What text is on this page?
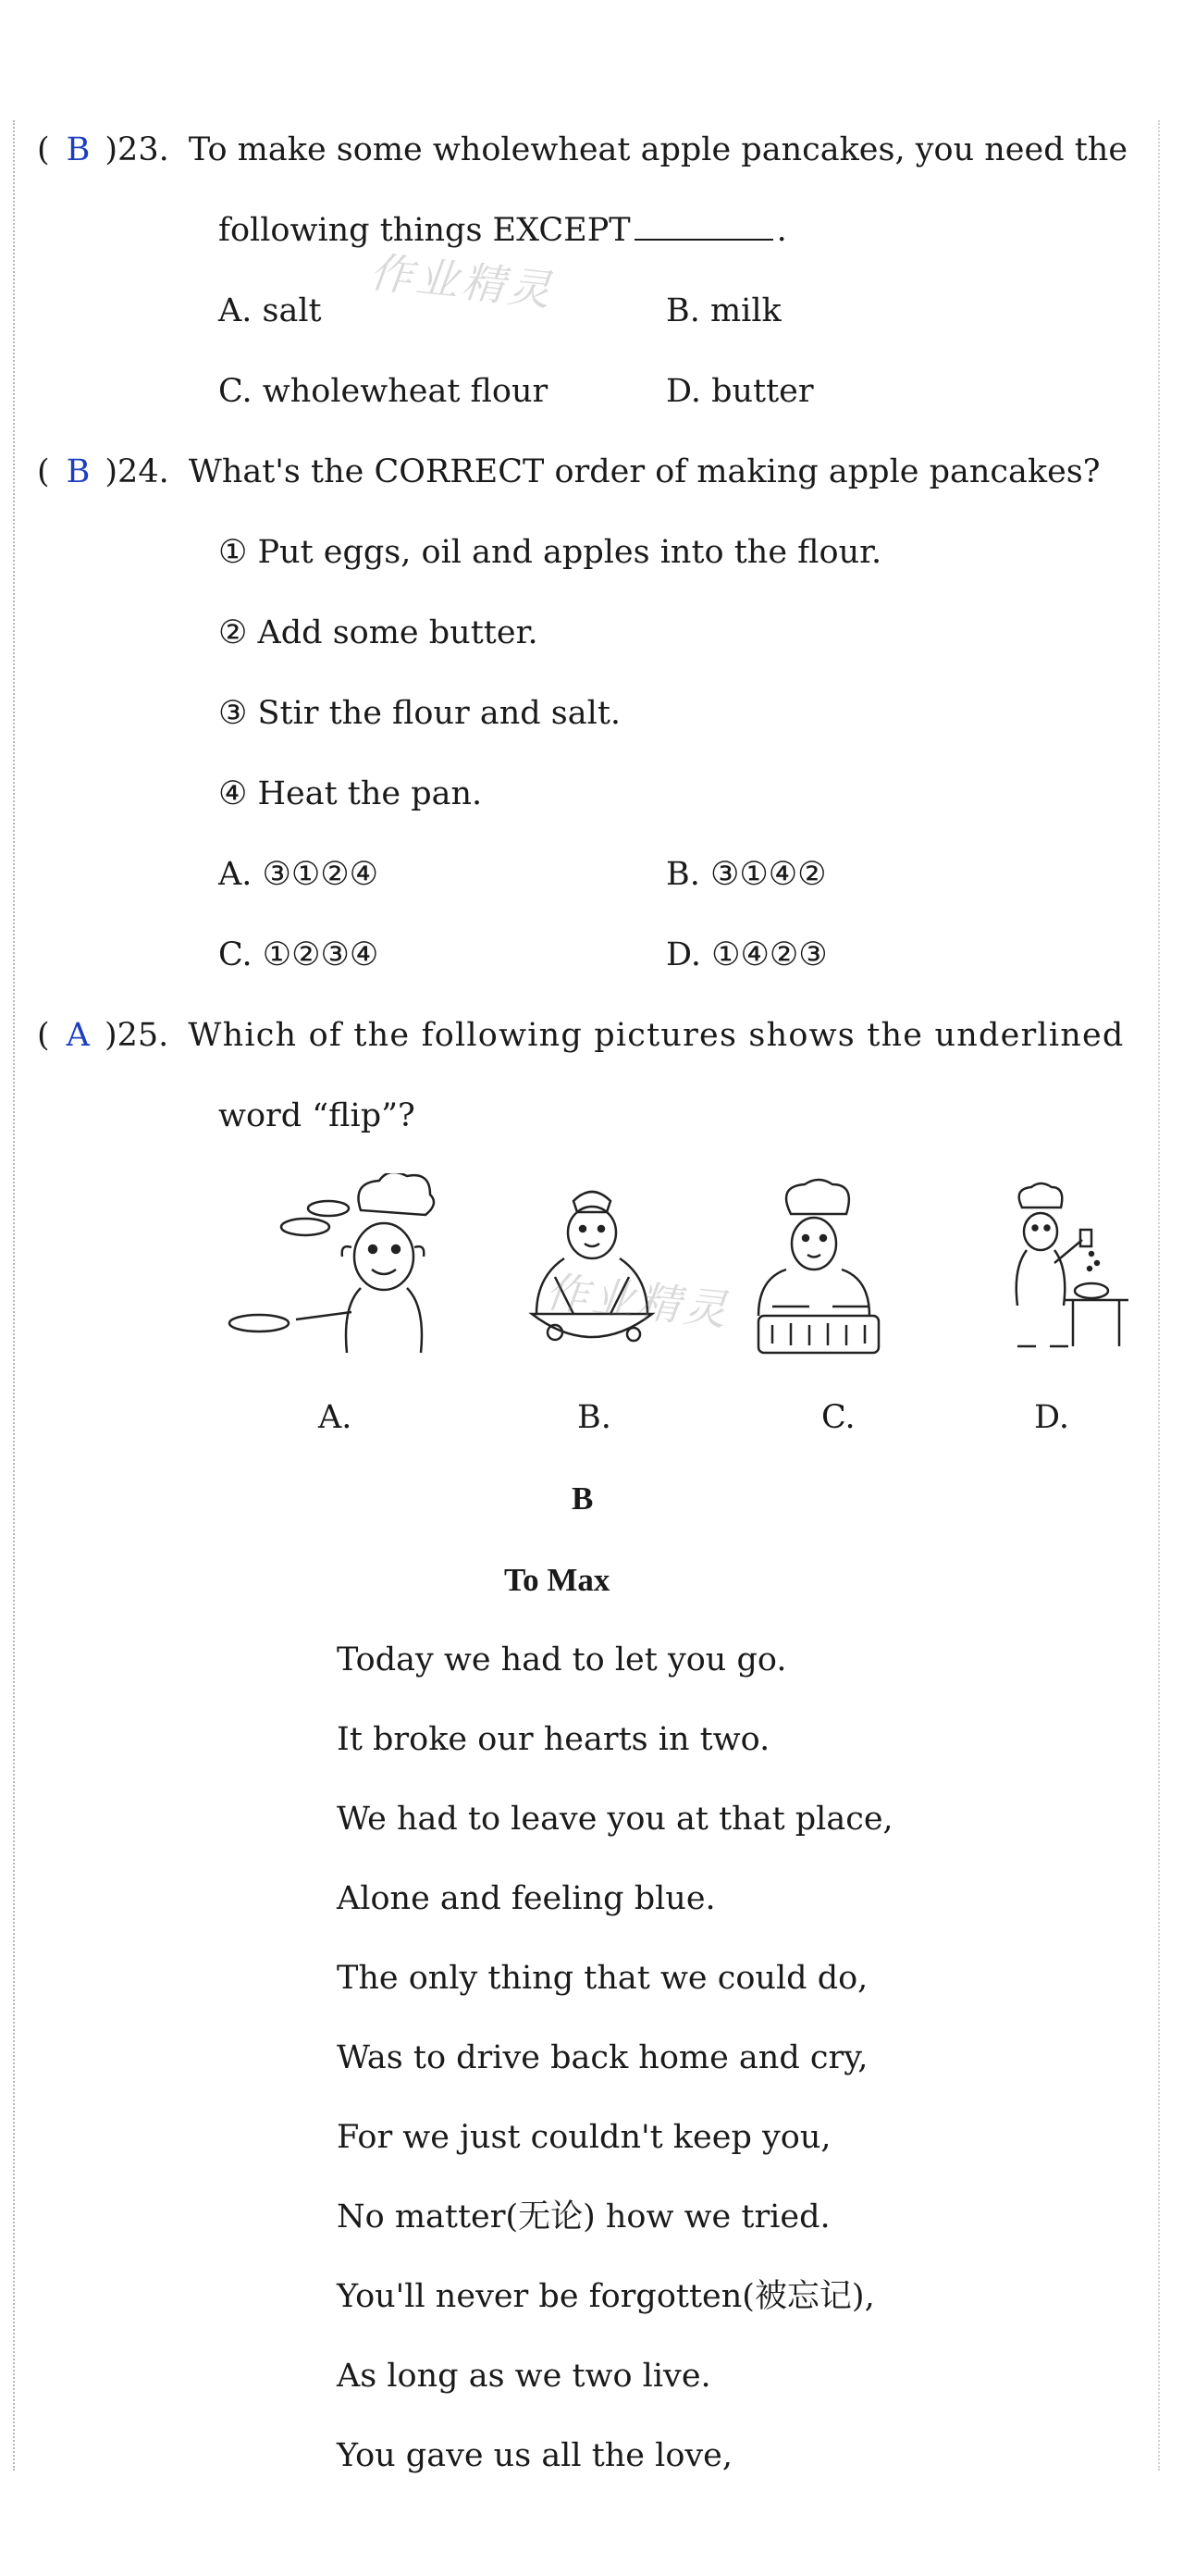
( B )23. To make some wholewheat apple pancakes, you need the
following things EXCEPT	.
作业精灵
A. salt	B. milk
C. wholewheat flour	D. butter
( B )24. What's the CORRECT order of making apple pancakes?
① Put eggs, oil and apples into the flour.
② Add some butter.
③ Stir the flour and salt.
④ Heat the pan.
A. ③①②④	B. ③①④②
C. ①②③④	D. ①④②③
( A )25. Which of the following pictures shows the underlined
word “flip”?
A.	B.	C.	D.
作业精灵
B
To Max
Today we had to let you go.
It broke our hearts in two.
We had to leave you at that place,
Alone and feeling blue.
The only thing that we could do,
Was to drive back home and cry,
For we just couldn't keep you,
No matter(无论) how we tried.
You'll never be forgotten(被忘记),
As long as we two live.
You gave us all the love,
